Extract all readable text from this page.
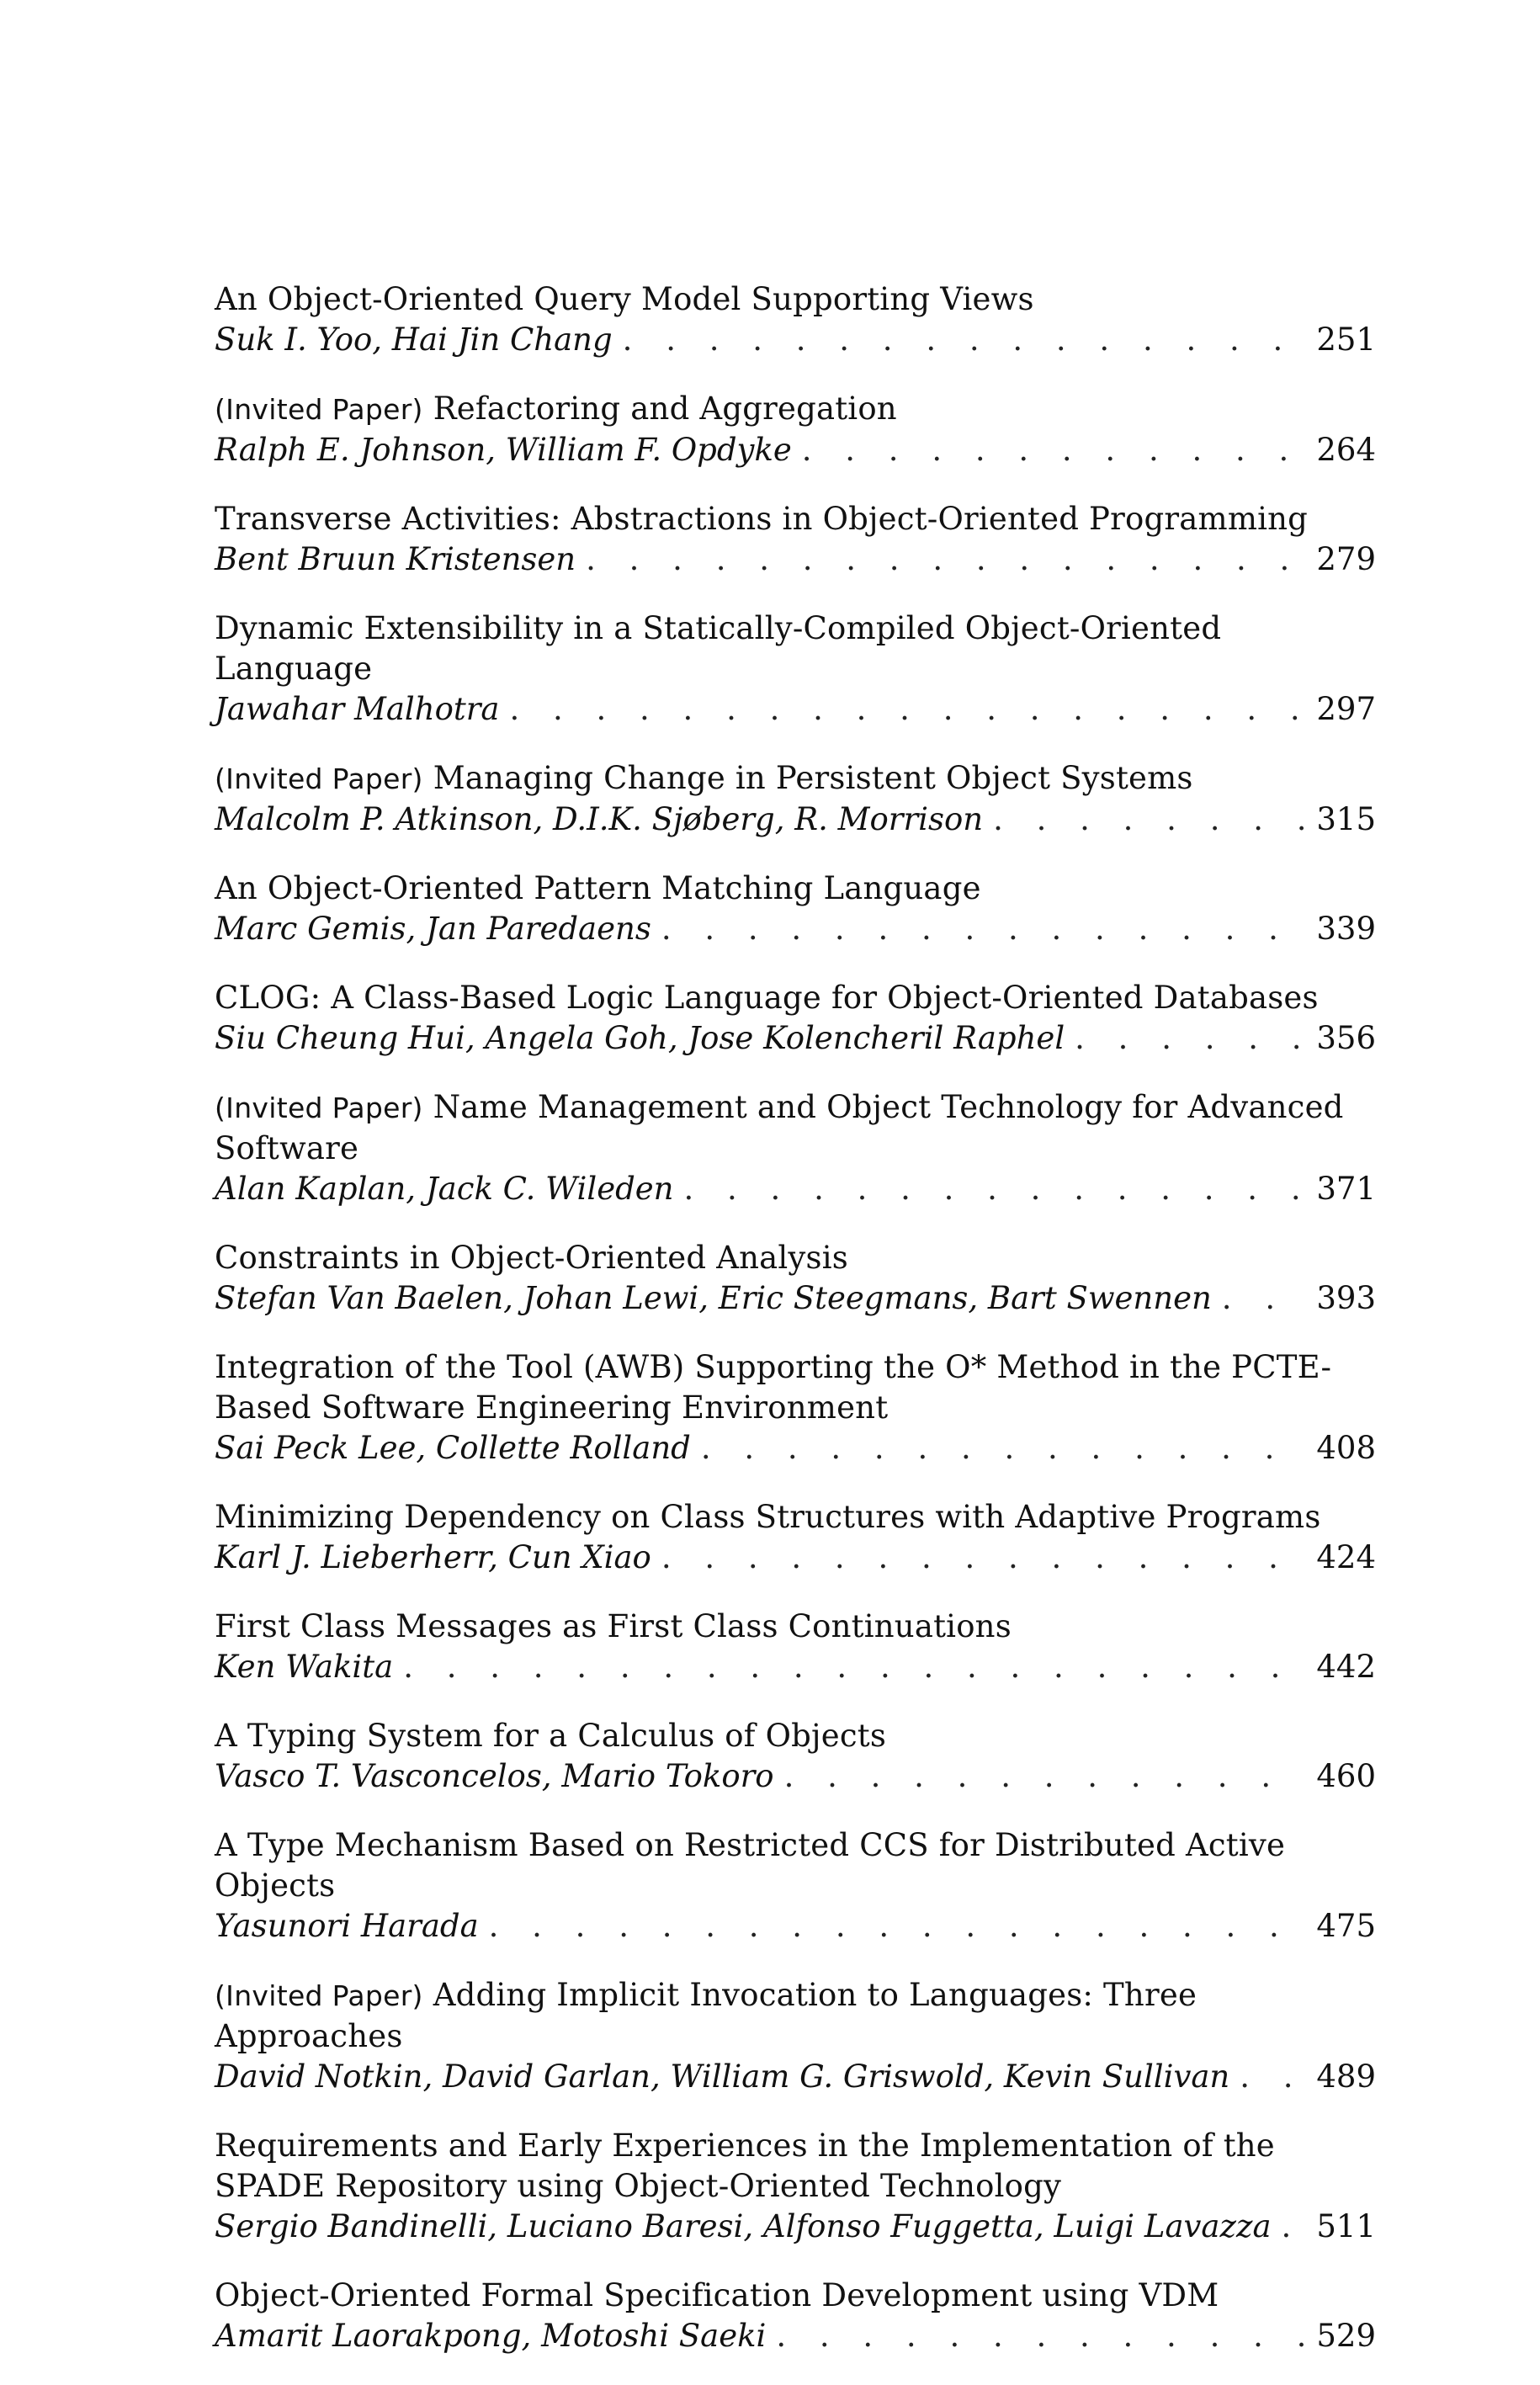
An Object-Oriented Query Model Supporting Views
Suk I. Yoo, Hai Jin Chang . . .	251
(Invited Paper) Refactoring and Aggregation
Ralph E. Johnson, William F. Opdyke . . .	264
Transverse Activities: Abstractions in Object-Oriented Programming
Bent Bruun Kristensen . . .	279
Dynamic Extensibility in a Statically-Compiled Object-Oriented Language
Jawahar Malhotra . . .	297
(Invited Paper) Managing Change in Persistent Object Systems
Malcolm P. Atkinson, D.I.K. Sjøberg, R. Morrison . . .	315
An Object-Oriented Pattern Matching Language
Marc Gemis, Jan Paredaens . . .	339
CLOG: A Class-Based Logic Language for Object-Oriented Databases
Siu Cheung Hui, Angela Goh, Jose Kolencheril Raphel . . .	356
(Invited Paper) Name Management and Object Technology for Advanced Software
Alan Kaplan, Jack C. Wileden . . .	371
Constraints in Object-Oriented Analysis
Stefan Van Baelen, Johan Lewi, Eric Steegmans, Bart Swennen . . .	393
Integration of the Tool (AWB) Supporting the O* Method in the PCTE-Based Software Engineering Environment
Sai Peck Lee, Collette Rolland . . .	408
Minimizing Dependency on Class Structures with Adaptive Programs
Karl J. Lieberherr, Cun Xiao . . .	424
First Class Messages as First Class Continuations
Ken Wakita . . .	442
A Typing System for a Calculus of Objects
Vasco T. Vasconcelos, Mario Tokoro . . .	460
A Type Mechanism Based on Restricted CCS for Distributed Active Objects
Yasunori Harada . . .	475
(Invited Paper) Adding Implicit Invocation to Languages: Three Approaches
David Notkin, David Garlan, William G. Griswold, Kevin Sullivan . . .	489
Requirements and Early Experiences in the Implementation of the SPADE Repository using Object-Oriented Technology
Sergio Bandinelli, Luciano Baresi, Alfonso Fuggetta, Luigi Lavazza . . . 511
Object-Oriented Formal Specification Development using VDM
Amarit Laorakpong, Motoshi Saeki . . .	529
